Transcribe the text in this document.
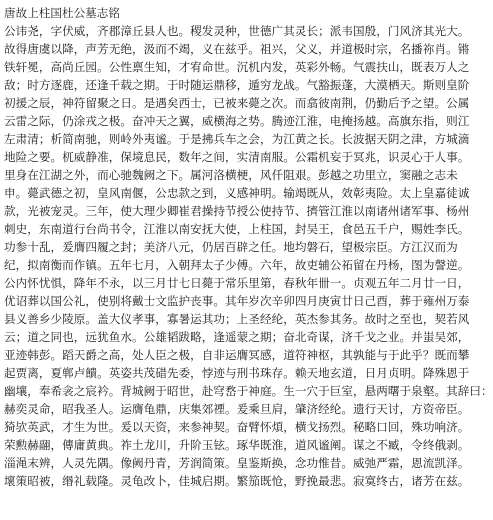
唐故上柱国杜公墓志铭
公讳尧，字伏威，齐郡漳丘县人也。稷发灵种，世德广其灵长；派韦国殷，门风济其光大。
故得唐虞以降，声芳无绝，汲而不竭，义在兹乎。祖兴，父义，并道极时宗，名播祢肖。锵
铁轩冕，高尚丘园。公性禀生知，才宥命世。沉机内发，英彩外畅。气震扶山，既表万人之
敌；时方逐鹿，还逢千载之期。于时随运鼎移，遁穷龙战。气豁振蓬，大漠栖天。斯则皇阶
初援之辰，神符留聚之日。是遇矣西士，已被来薨之次。而翕彼南荆，仍勤后予之望。公属
云雷之际，仍涂戎之极。奋冲天之翼，威横海之势。腾迹江淮，电掩扬越。高旗东指，则江
左肃清；析简南驰，则岭外夷谧。于是拂兵车之会，为江黄之长。长波据天阴之津，方城滴
地险之要。杌威静准，保境息民，数年之间，实清南服。公霜机妄于冥兆，识灵心于人事。
里身在江湖之外，而心驰魏阙之下。属河洛横梗，风仟阻艰。彭越之功里立，窦融之志未
申。薨武德之初，皇风南偃，公忠款之到，义感神明。输竭既从，效彰夷险。太上皇嘉徒诚
款，光被宠灵。三年，使大理少卿崔君操持节授公使持节、擠管江淮以南诸州诸军事、杨州
刺史，东南道行台尚书令，江淮以南安抚大使，上柱国，封吴王，食邑五千户，赐姓李氏。
功参十乱，爰膺四履之封；美济八元，仍居百辟之任。地均磐石，望极宗臣。方江汉而为
纪，拟南衡而作镇。五年七月，入朝拜太子少傅。六年，故吏辅公祏留在丹杨，图为謦逆。
公内怀忧惧，降年不永，以三月廿七日薨于常乐里第，春秋年卌一。贞观五年二月廿一日，
优诏葬以国公礼，使别将戴士文监护丧事。其年岁次辛卯四月庚寅廿日己酉，葬于雍州万泰
县义善乡少陵原。盖大仪孝事，寡暑运其功；上圣经纶，英杰参其务。故时之至也，契若风
云；道之同也，远犹鱼水。公雄韬跋略，逢遥蒙之期；奋北奇谋，济千戈之业。并蚩吴郊，
亚迹韩彭。蹈天爵之高，处人臣之极，自非运膺冥感，道符神枢，其孰能与于此乎？既而攀
起贾离，夏郸卢饋。英姿共茂碏先委，悖迹与刑书珠存。赖天地玄道，日月贞明。降殊恩于
幽壤，奉希衾之宸衿。背城阙于昭世，赴穹嵍于神庭。生一穴于巨室，悬两曙于泉壑。其辞曰：
赫奕灵命，昭我圣人。运膺龟鼎，庆集郊禋。爰乘旦肩，肇济经纶。遗行天讨，方资帝臣。
猗欤英武，才生为世。爰以天资，来参神契。奋臂怀煩，横戈扬烈。秘略口回，殊功响济。
荣勲赫翮，傳庸黄典。祚土龙川，升阶玉铉。琢华既淮，道风谧阐。谋之不臧，令终俄剥。
淄渑末辨，人灵先隅。像阙丹青，芳润简策。皇鉴斯换，念功惟昔。威弛严霜，恩流凯泽。
壞策昭被，缗礼载隆。灵龟改卜，佳城启期。繁笳既怆，野挽最悲。寂寞终古，诸芳在兹。
